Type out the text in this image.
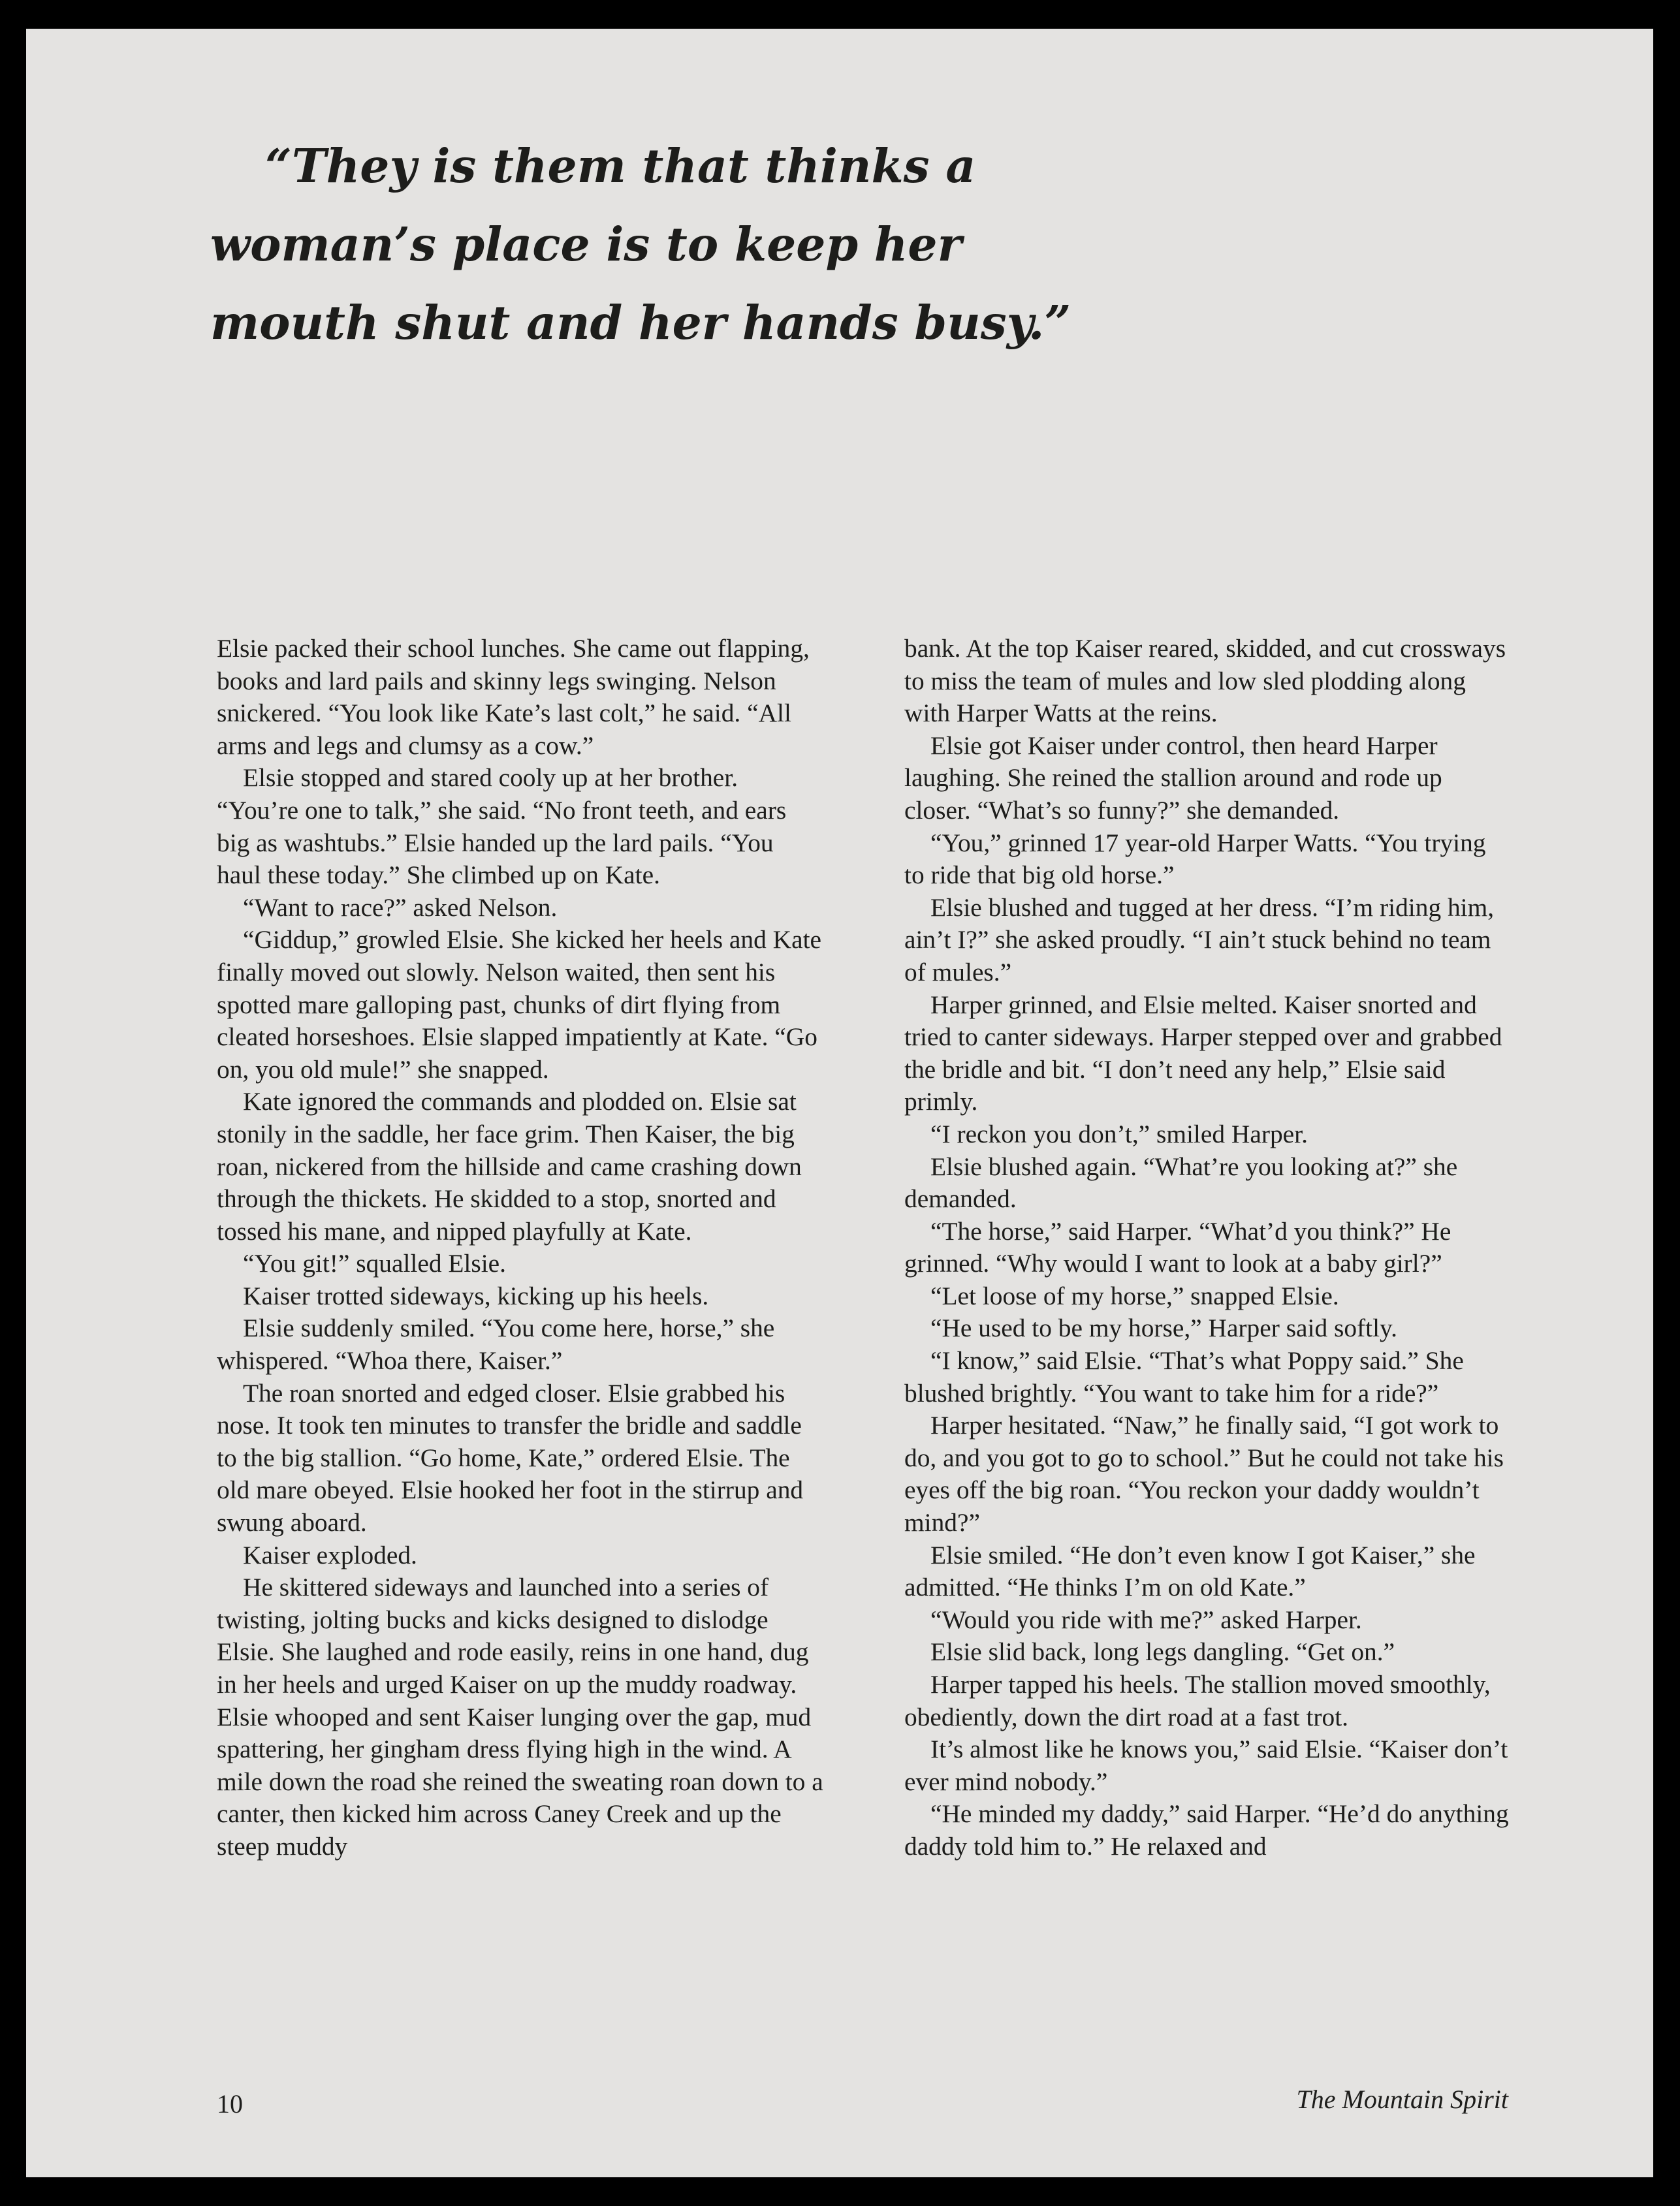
“They is them that thinks a
woman’s place is to keep her
mouth shut and her hands busy.”

Elsie packed their school lunches. She came out flapping, books and lard pails and skinny legs swinging. Nelson snickered. “You look like Kate’s last colt,” he said. “All arms and legs and clumsy as a cow.”

Elsie stopped and stared cooly up at her brother. “You’re one to talk,” she said. “No front teeth, and ears big as washtubs.” Elsie handed up the lard pails. “You haul these today.” She climbed up on Kate.

“Want to race?” asked Nelson.

“Giddup,” growled Elsie. She kicked her heels and Kate finally moved out slowly. Nelson waited, then sent his spotted mare galloping past, chunks of dirt flying from cleated horseshoes. Elsie slapped impatiently at Kate. “Go on, you old mule!” she snapped.

Kate ignored the commands and plodded on. Elsie sat stonily in the saddle, her face grim. Then Kaiser, the big roan, nickered from the hillside and came crashing down through the thickets. He skidded to a stop, snorted and tossed his mane, and nipped playfully at Kate.

“You git!” squalled Elsie.

Kaiser trotted sideways, kicking up his heels.

Elsie suddenly smiled. “You come here, horse,” she whispered. “Whoa there, Kaiser.”

The roan snorted and edged closer. Elsie grabbed his nose. It took ten minutes to transfer the bridle and saddle to the big stallion. “Go home, Kate,” ordered Elsie. The old mare obeyed. Elsie hooked her foot in the stirrup and swung aboard.

Kaiser exploded.

He skittered sideways and launched into a series of twisting, jolting bucks and kicks designed to dislodge Elsie. She laughed and rode easily, reins in one hand, dug in her heels and urged Kaiser on up the muddy roadway. Elsie whooped and sent Kaiser lunging over the gap, mud spattering, her gingham dress flying high in the wind. A mile down the road she reined the sweating roan down to a canter, then kicked him across Caney Creek and up the steep muddy

bank. At the top Kaiser reared, skidded, and cut crossways to miss the team of mules and low sled plodding along with Harper Watts at the reins.

Elsie got Kaiser under control, then heard Harper laughing. She reined the stallion around and rode up closer. “What’s so funny?” she demanded.

“You,” grinned 17 year-old Harper Watts. “You trying to ride that big old horse.”

Elsie blushed and tugged at her dress. “I’m riding him, ain’t I?” she asked proudly. “I ain’t stuck behind no team of mules.”

Harper grinned, and Elsie melted. Kaiser snorted and tried to canter sideways. Harper stepped over and grabbed the bridle and bit. “I don’t need any help,” Elsie said primly.

“I reckon you don’t,” smiled Harper.

Elsie blushed again. “What’re you looking at?” she demanded.

“The horse,” said Harper. “What’d you think?” He grinned. “Why would I want to look at a baby girl?”

“Let loose of my horse,” snapped Elsie.

“He used to be my horse,” Harper said softly.

“I know,” said Elsie. “That’s what Poppy said.” She blushed brightly. “You want to take him for a ride?”

Harper hesitated. “Naw,” he finally said, “I got work to do, and you got to go to school.” But he could not take his eyes off the big roan. “You reckon your daddy wouldn’t mind?”

Elsie smiled. “He don’t even know I got Kaiser,” she admitted. “He thinks I’m on old Kate.”

“Would you ride with me?” asked Harper.

Elsie slid back, long legs dangling. “Get on.”

Harper tapped his heels. The stallion moved smoothly, obediently, down the dirt road at a fast trot.

It’s almost like he knows you,” said Elsie. “Kaiser don’t ever mind nobody.”

“He minded my daddy,” said Harper. “He’d do anything daddy told him to.” He relaxed and

10	The Mountain Spirit
